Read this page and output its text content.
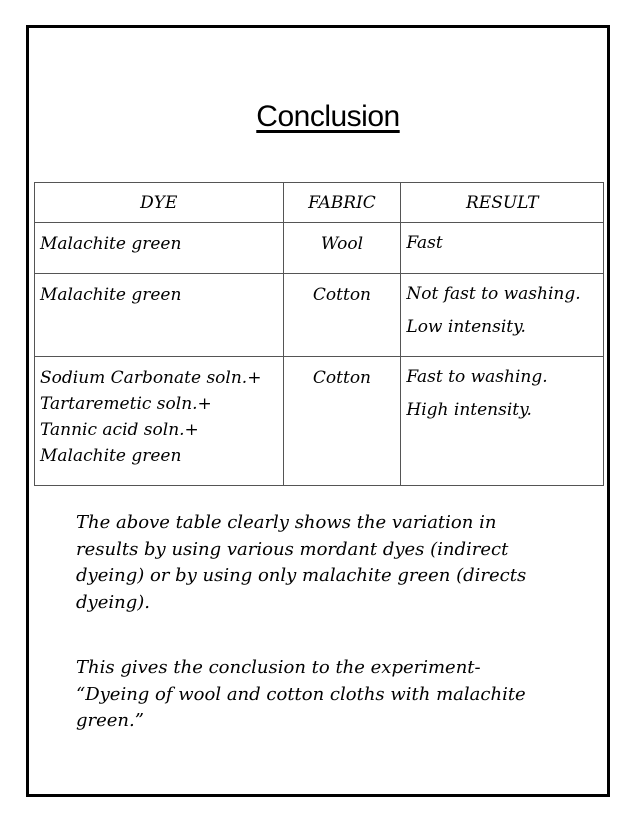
Conclusion
DYE	FABRIC	RESULT

Malachite green	Wool	Fast

Malachite green	Cotton	Not fast to washing.
Low intensity.

Sodium Carbonate soln.+
Tartaremetic soln.+
Tannic acid soln.+
Malachite green	Cotton	Fast to washing.
High intensity.
The above table clearly shows the variation in
results by using various mordant dyes (indirect
dyeing) or by using only malachite green (directs
dyeing).
This gives the conclusion to the experiment-
“Dyeing of wool and cotton cloths with malachite
green.”
